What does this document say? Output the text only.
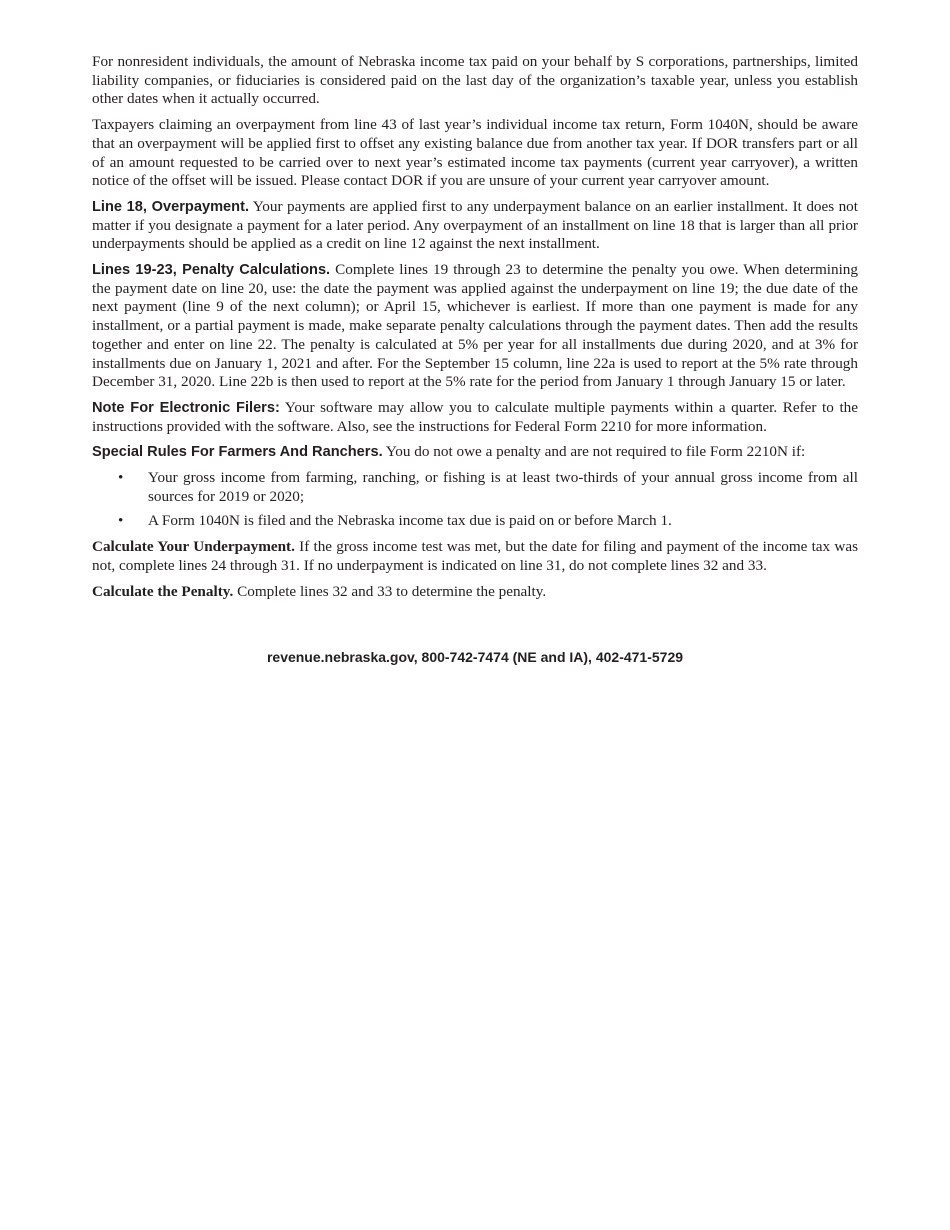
For nonresident individuals, the amount of Nebraska income tax paid on your behalf by S corporations, partnerships, limited liability companies, or fiduciaries is considered paid on the last day of the organization’s taxable year, unless you establish other dates when it actually occurred.

Taxpayers claiming an overpayment from line 43 of last year’s individual income tax return, Form 1040N, should be aware that an overpayment will be applied first to offset any existing balance due from another tax year. If DOR transfers part or all of an amount requested to be carried over to next year’s estimated income tax payments (current year carryover), a written notice of the offset will be issued. Please contact DOR if you are unsure of your current year carryover amount.

Line 18, Overpayment. Your payments are applied first to any underpayment balance on an earlier installment. It does not matter if you designate a payment for a later period. Any overpayment of an installment on line 18 that is larger than all prior underpayments should be applied as a credit on line 12 against the next installment.

Lines 19-23, Penalty Calculations. Complete lines 19 through 23 to determine the penalty you owe. When determining the payment date on line 20, use: the date the payment was applied against the underpayment on line 19; the due date of the next payment (line 9 of the next column); or April 15, whichever is earliest. If more than one payment is made for any installment, or a partial payment is made, make separate penalty calculations through the payment dates. Then add the results together and enter on line 22. The penalty is calculated at 5% per year for all installments due during 2020, and at 3% for installments due on January 1, 2021 and after. For the September 15 column, line 22a is used to report at the 5% rate through December 31, 2020. Line 22b is then used to report at the 5% rate for the period from January 1 through January 15 or later.

Note For Electronic Filers: Your software may allow you to calculate multiple payments within a quarter. Refer to the instructions provided with the software. Also, see the instructions for Federal Form 2210 for more information.

Special Rules For Farmers And Ranchers. You do not owe a penalty and are not required to file Form 2210N if:

• Your gross income from farming, ranching, or fishing is at least two-thirds of your annual gross income from all sources for 2019 or 2020;
• A Form 1040N is filed and the Nebraska income tax due is paid on or before March 1.

Calculate Your Underpayment. If the gross income test was met, but the date for filing and payment of the income tax was not, complete lines 24 through 31. If no underpayment is indicated on line 31, do not complete lines 32 and 33.

Calculate the Penalty. Complete lines 32 and 33 to determine the penalty.

revenue.nebraska.gov, 800-742-7474 (NE and IA), 402-471-5729
